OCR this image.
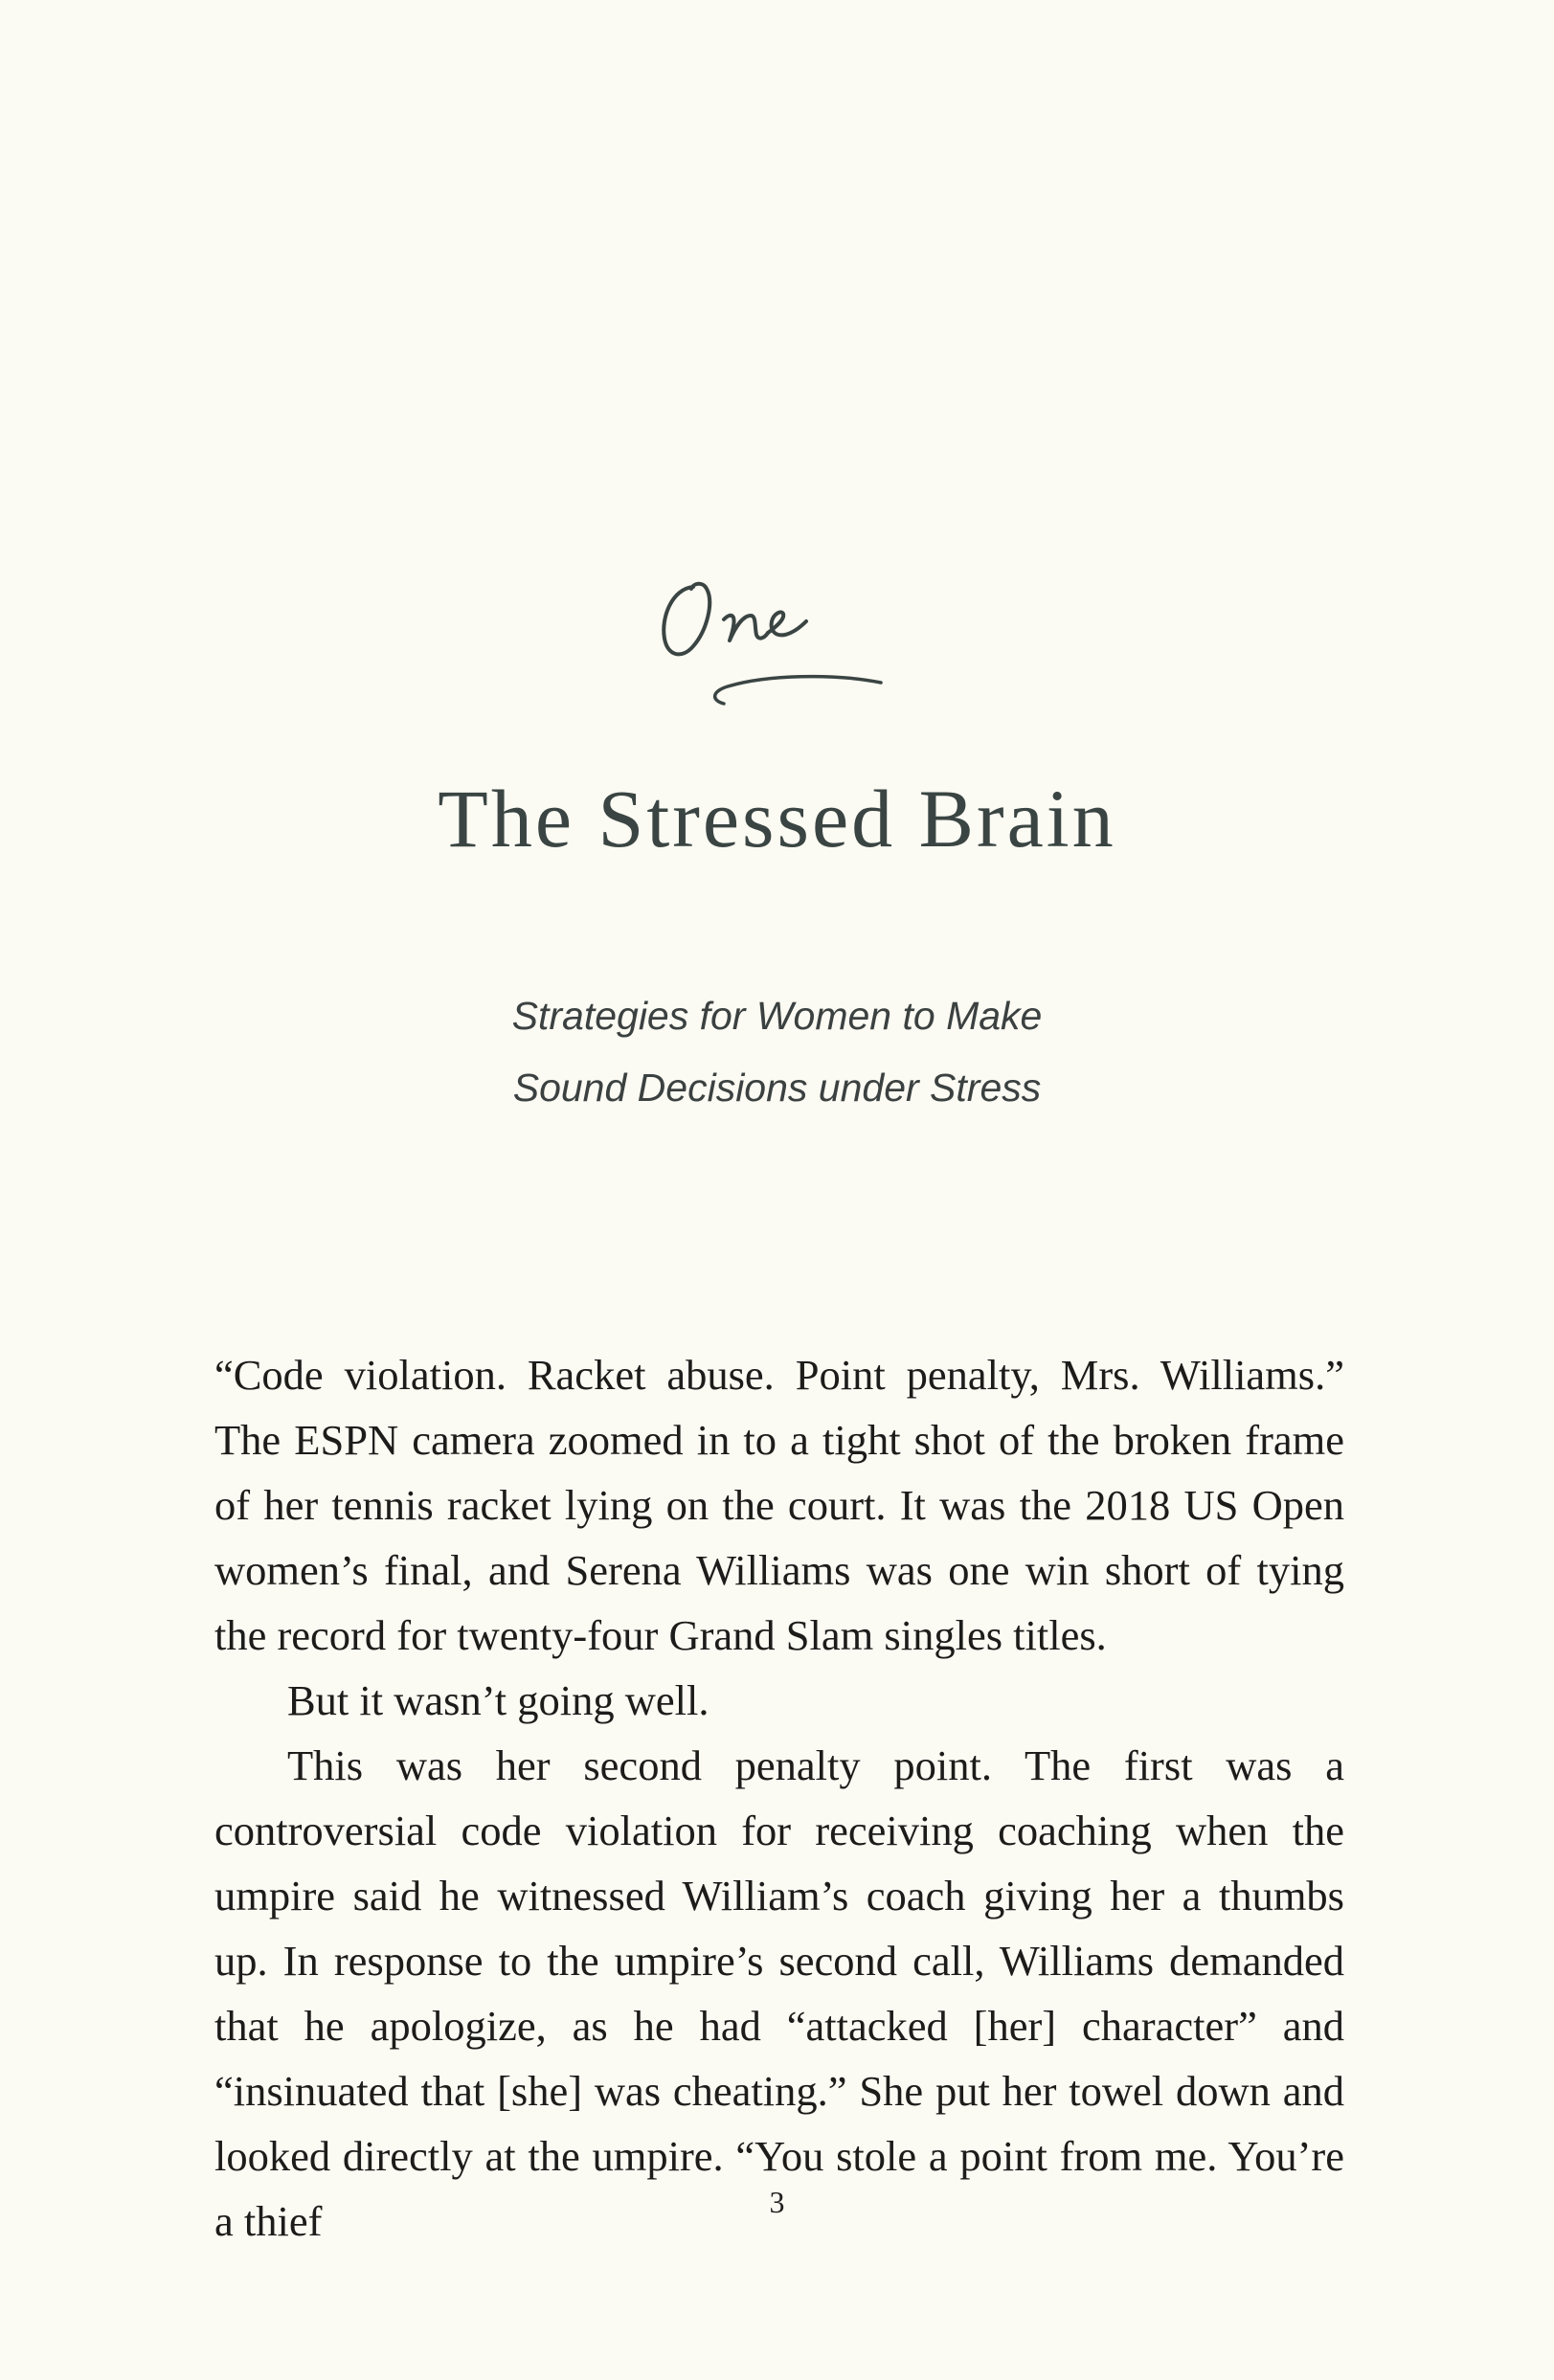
The Stressed Brain
Strategies for Women to Make
Sound Decisions under Stress

“Code violation. Racket abuse. Point penalty, Mrs. Williams.” The ESPN camera zoomed in to a tight shot of the broken frame of her tennis racket lying on the court. It was the 2018 US Open women’s final, and Serena Williams was one win short of tying the record for twenty-four Grand Slam singles titles.

But it wasn’t going well.

This was her second penalty point. The first was a controversial code violation for receiving coaching when the umpire said he witnessed William’s coach giving her a thumbs up. In response to the umpire’s second call, Williams demanded that he apologize, as he had “attacked [her] character” and “insinuated that [she] was cheating.” She put her towel down and looked directly at the umpire. “You stole a point from me. You’re a thief	3
